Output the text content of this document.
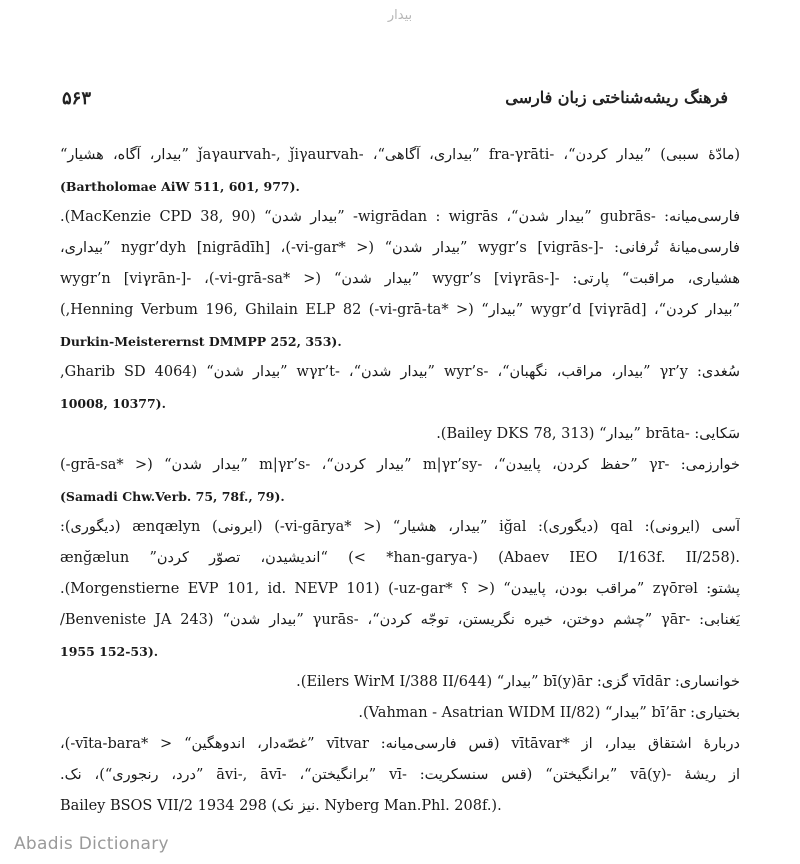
بیدار
۵۶۳	فرهنگ ریشه‌شناختی زبان فارسی
(مادّهٔ سببی) ”بیدار کردن“، -fra-γrāti ”بیداری، آگاهی“، -ǰaγaurvah-, ǰiγaurvah ”بیدار، آگاه، هشیار“
(Bartholomae AiW 511, 601, 977).
فارسی‌میانه: -gubrās ”بیدار شدن“، wigrādan : wigrās- ”بیدار شدن“ (MacKenzie CPD 38, 90).
فارسی‌میانهٔ تُرفانی: -wygr’s [vigrās-] ”بیدار شدن“ (< *vi-gar-)، [nigrādīh] nygr’dyh ”بیداری،
هشیاری، مراقبت“ پارتی: -wygr’s [viγrās-] ”بیدار شدن“ (< *vi-grā-sa-)، -wygr’n [viγrān-]
”بیدار کردن“، wygr’d [viγrād] ”بیدار“ (< *vi-grā-ta-) Henning Verbum 196, Ghilain ELP 82,)
Durkin-Meisterernst DMMPP 252, 353).
سُغدی: γr’y ”بیدار، مراقب، نگهبان“، -wyr’s ”بیدار شدن“، -wγr’t ”بیدار شدن“ (Gharib SD 4064,
10008, 10377).
سَکایی: -brāta ”بیدار“ (Bailey DKS 78, 313).
خوارزمی: -γr ”حفظ کردن، پاییدن“، -m|γr’sy ”بیدار کردن“، -m|γr’s ”بیدار شدن“ (< *grā-sa-)
(Samadi Chw.Verb. 75, 78f., 79).
آسی (ایرونی): qal (دیگوری): iğal ”بیدار، هشیار“ (< *vi-gārya-) (ایرونی) ænqælyn (دیگوری):
ænğælun ”اندیشیدن، تصوّر کردن“ (< *han-garya-) (Abaev IEO I/163f. II/258).
پشتو: zγōrəl ”مراقب بودن، پاییدن“ (< ؟ *uz-gar-) (Morgenstierne EVP 101, id. NEVP 101).
یَغنابی: -γār ”چشم دوختن، خیره نگریستن، توجّه کردن“، -γurās ”بیدار شدن“ (Benveniste JA 243/
1955 152-53).
خوانساری: vīdār گزی: bī(y)ār ”بیدار“ (Eilers WirM I/388 II/644).
بختیاری: bī’ār ”بیدار“ (Vahman - Asatrian WIDM II/82).
دربارهٔ اشتقاق بیدار، از *vītāvar (قس فارسی‌میانه: vītvar ”غصّه‌دار، اندوهگین“ < *vīta-bara-)،
از ریشهٔ -vā(y) ”برانگیختن“ (قس سنسکریت: -vī ”برانگیختن“، -āvi-, āvī ”درد، رنجوری“)، نک.
Bailey BSOS VII/2 1934 298 (نیز نک. Nyberg Man.Phl. 208f.).
Abadis Dictionary
